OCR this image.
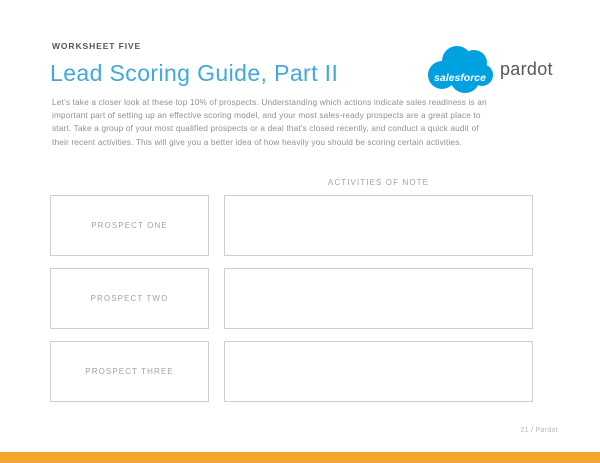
WORKSHEET FIVE
Lead Scoring Guide, Part II	salesforce pardot
Let’s take a closer look at these top 10% of prospects. Understanding which actions indicate sales readiness is an
important part of setting up an effective scoring model, and your most sales-ready prospects are a great place to
start. Take a group of your most qualified prospects or a deal that’s closed recently, and conduct a quick audit of
their recent activities. This will give you a better idea of how heavily you should be scoring certain activities.
ACTIVITIES OF NOTE
PROSPECT ONE
PROSPECT TWO
PROSPECT THREE
21 / Pardot
